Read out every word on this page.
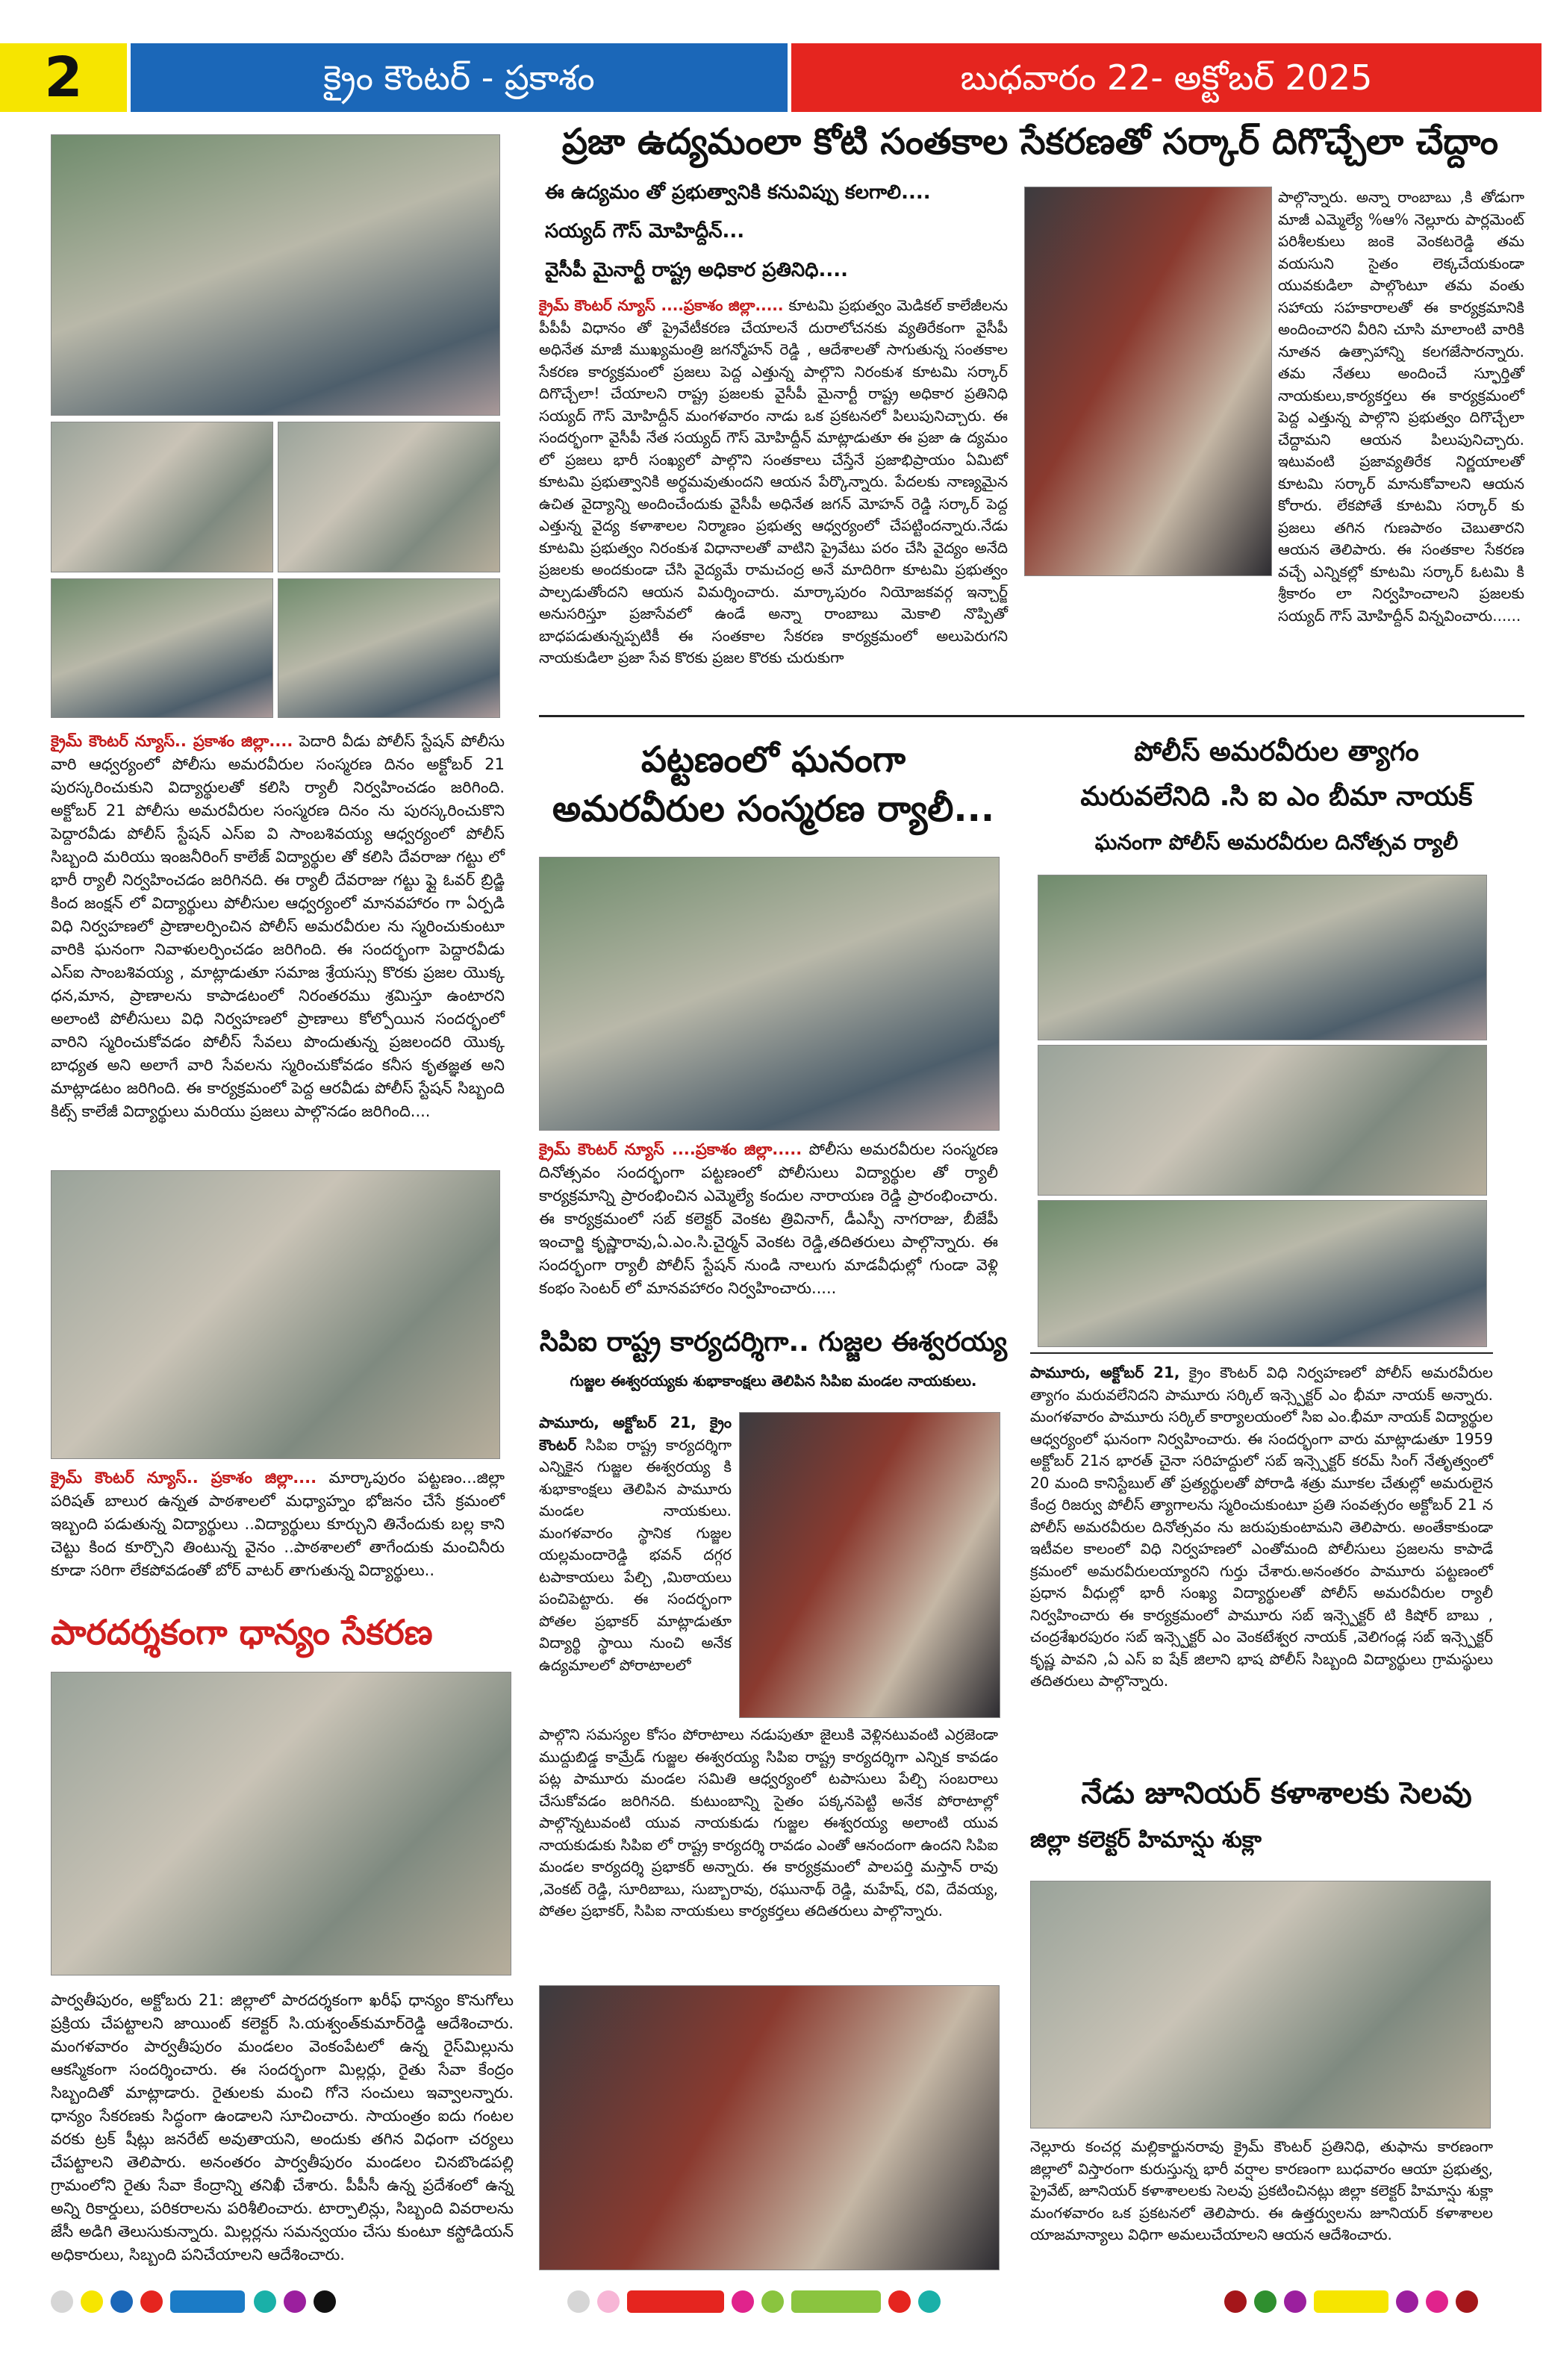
2	క్రైం కౌంటర్ - ప్రకాశం	బుధవారం 22- అక్టోబర్ 2025
క్రైమ్ కౌంటర్ న్యూస్.. ప్రకాశం జిల్లా.... పెదారి వీడు పోలీస్ స్టేషన్ పోలీసు వారి ఆధ్వర్యంలో పోలీసు అమరవీరుల సంస్మరణ దినం అక్టోబర్ 21 పురస్కరించుకుని విద్యార్థులతో కలిసి ర్యాలీ నిర్వహించడం జరిగింది. అక్టోబర్ 21 పోలీసు అమరవీరుల సంస్మరణ దినం ను పురస్కరించుకొని పెద్దారవీడు పోలీస్ స్టేషన్ ఎస్ఐ వి సాంబశివయ్య ఆధ్వర్యంలో పోలీస్ సిబ్బంది మరియు ఇంజనీరింగ్ కాలేజ్ విద్యార్థుల తో కలిసి దేవరాజు గట్టు లో భారీ ర్యాలీ నిర్వహించడం జరిగినది. ఈ ర్యాలీ దేవరాజు గట్టు ఫ్లై ఓవర్ బ్రిడ్జి కింద జంక్షన్ లో విద్యార్థులు పోలీసుల ఆధ్వర్యంలో మానవహారం గా ఏర్పడి విధి నిర్వహణలో ప్రాణాలర్పించిన పోలీస్ అమరవీరుల ను స్మరించుకుంటూ వారికి ఘనంగా నివాళులర్పించడం జరిగింది. ఈ సందర్భంగా పెద్దారవీడు ఎస్ఐ సాంబశివయ్య , మాట్లాడుతూ సమాజ శ్రేయస్సు కొరకు ప్రజల యొక్క ధన,మాన, ప్రాణాలను కాపాడటంలో నిరంతరము శ్రమిస్తూ ఉంటారని అలాంటి పోలీసులు విధి నిర్వహణలో ప్రాణాలు కోల్పోయిన సందర్భంలో వారిని స్మరించుకోవడం పోలీస్ సేవలు పొందుతున్న ప్రజలందరి యొక్క బాధ్యత అని అలాగే వారి సేవలను స్మరించుకోవడం కనీస కృతజ్ఞత అని మాట్లాడటం జరిగింది. ఈ కార్యక్రమంలో పెద్ద ఆరవీడు పోలీస్ స్టేషన్ సిబ్బంది కిట్స్ కాలేజీ విద్యార్థులు మరియు ప్రజలు పాల్గొనడం జరిగింది....
క్రైమ్ కౌంటర్ న్యూస్.. ప్రకాశం జిల్లా.... మార్కాపురం పట్టణం...జిల్లా పరిషత్ బాలుర ఉన్నత పాఠశాలలో మధ్యాహ్నం భోజనం చేసే క్రమంలో ఇబ్బంది పడుతున్న విద్యార్థులు ..విద్యార్థులు కూర్చుని తినేందుకు బల్ల కాని చెట్టు కింద కూర్చొని తింటున్న వైనం ..పాఠశాలలో తాగేందుకు మంచినీరు కూడా సరిగా లేకపోవడంతో బోర్ వాటర్ తాగుతున్న విద్యార్థులు..
పారదర్శకంగా ధాన్యం సేకరణ
పార్వతీపురం, అక్టోబరు 21: జిల్లాలో పారదర్శకంగా ఖరీఫ్ ధాన్యం కొనుగోలు ప్రక్రియ చేపట్టాలని జాయింట్ కలెక్టర్ సి.యశ్వంత్‌కుమార్‌రెడ్డి ఆదేశించారు. మంగళవారం పార్వతీపురం మండలం వెంకంపేటలో ఉన్న రైస్‌మిల్లును ఆకస్మికంగా సందర్శించారు. ఈ సందర్భంగా మిల్లర్లు, రైతు సేవా కేంద్రం సిబ్బందితో మాట్లాడారు. రైతులకు మంచి గోనె సంచులు ఇవ్వాలన్నారు. ధాన్యం సేకరణకు సిద్ధంగా ఉండాలని సూచించారు. సాయంత్రం ఐదు గంటల వరకు ట్రక్ షీట్లు జనరేట్ అవుతాయని, అందుకు తగిన విధంగా చర్యలు చేపట్టాలని తెలిపారు. అనంతరం పార్వతీపురం మండలం చినబొండపల్లి గ్రామంలోని రైతు సేవా కేంద్రాన్ని తనిఖీ చేశారు. పీపీసీ ఉన్న ప్రదేశంలో ఉన్న అన్ని రికార్డులు, పరికరాలను పరిశీలించారు. టార్పాలిన్లు, సిబ్బంది వివరాలను జేసీ అడిగి తెలుసుకున్నారు. మిల్లర్లను సమన్వయం చేసు కుంటూ కస్టోడియన్ అధికారులు, సిబ్బంది పనిచేయాలని ఆదేశించారు.
ప్రజా ఉద్యమంలా కోటి సంతకాల సేకరణతో సర్కార్ దిగొచ్చేలా చేద్దాం
ఈ ఉద్యమం తో ప్రభుత్వానికి కనువిప్పు కలగాలి....
సయ్యద్ గౌస్ మోహిద్దీన్...
వైసీపీ మైనార్టీ రాష్ట్ర అధికార ప్రతినిధి....
క్రైమ్ కౌంటర్ న్యూస్ ....ప్రకాశం జిల్లా..... కూటమి ప్రభుత్వం మెడికల్ కాలేజీలను పీపీపీ విధానం తో ప్రైవేటీకరణ చేయాలనే దురాలోచనకు వ్యతిరేకంగా వైసీపీ అధినేత మాజీ ముఖ్యమంత్రి జగన్మోహన్ రెడ్డి , ఆదేశాలతో సాగుతున్న సంతకాల సేకరణ కార్యక్రమంలో ప్రజలు పెద్ద ఎత్తున్న పాల్గొని నిరంకుశ కూటమి సర్కార్ దిగొచ్చేలా! చేయాలని రాష్ట్ర ప్రజలకు వైసీపీ మైనార్టీ రాష్ట్ర అధికార ప్రతినిధి సయ్యద్ గౌస్ మోహిద్దీన్ మంగళవారం నాడు ఒక ప్రకటనలో పిలుపునిచ్చారు. ఈ సందర్భంగా వైసీపీ నేత సయ్యద్ గౌస్ మోహిద్దీన్ మాట్లాడుతూ ఈ ప్రజా ఉ ద్యమం లో ప్రజలు భారీ సంఖ్యలో పాల్గొని సంతకాలు చేస్తేనే ప్రజాభిప్రాయం ఏమిటో కూటమి ప్రభుత్వానికి అర్థమవుతుందని ఆయన పేర్కొన్నారు. పేదలకు నాణ్యమైన ఉచిత వైద్యాన్ని అందించేందుకు వైసీపీ అధినేత జగన్ మోహన్ రెడ్డి సర్కార్ పెద్ద ఎత్తున్న వైద్య కళాశాలల నిర్మాణం ప్రభుత్వ ఆధ్వర్యంలో చేపట్టిందన్నారు.నేడు కూటమి ప్రభుత్వం నిరంకుశ విధానాలతో వాటిని ప్రైవేటు పరం చేసి వైద్యం అనేది ప్రజలకు అందకుండా చేసి వైద్యమే రామచంద్ర అనే మాదిరిగా కూటమి ప్రభుత్వం పాల్పడుతోందని ఆయన విమర్శించారు. మార్కాపురం నియోజకవర్గ ఇన్చార్జ్ అనుసరిస్తూ ప్రజాసేవలో ఉండే అన్నా రాంబాబు మెకాలి నొప్పితో బాధపడుతున్నప్పటికీ ఈ సంతకాల సేకరణ కార్యక్రమంలో అలుపెరుగని నాయకుడిలా ప్రజా సేవ కొరకు ప్రజల కొరకు చురుకుగా
పాల్గొన్నారు. అన్నా రాంబాబు ,కి తోడుగా మాజీ ఎమ్మెల్యే %ఆ% నెల్లూరు పార్లమెంట్ పరిశీలకులు జంకె వెంకటరెడ్డి తమ వయసుని సైతం లెక్కచేయకుండా యువకుడిలా పాల్గొంటూ తమ వంతు సహాయ సహకారాలతో ఈ కార్యక్రమానికి అందించారని వీరిని చూసి మాలాంటి వారికి నూతన ఉత్సాహాన్ని కలగజేసారన్నారు. తమ నేతలు అందించే స్ఫూర్తితో నాయకులు,కార్యకర్తలు ఈ కార్యక్రమంలో పెద్ద ఎత్తున్న పాల్గొని ప్రభుత్వం దిగొచ్చేలా చేద్దామని ఆయన పిలుపునిచ్చారు. ఇటువంటి ప్రజావ్యతిరేక నిర్ణయాలతో కూటమి సర్కార్ మానుకోవాలని ఆయన కోరారు. లేకపోతే కూటమి సర్కార్ కు ప్రజలు తగిన గుణపాఠం చెబుతారని ఆయన తెలిపారు. ఈ సంతకాల సేకరణ వచ్చే ఎన్నికల్లో కూటమి సర్కార్ ఓటమి కి శ్రీకారం లా నిర్వహించాలని ప్రజలకు సయ్యద్ గౌస్ మోహిద్దీన్ విన్నవించారు......
పట్టణంలో ఘనంగా
అమరవీరుల సంస్మరణ ర్యాలీ...
క్రైమ్ కౌంటర్ న్యూస్ ....ప్రకాశం జిల్లా..... పోలీసు అమరవీరుల సంస్మరణ దినోత్సవం సందర్భంగా పట్టణంలో పోలీసులు విద్యార్థుల తో ర్యాలీ కార్యక్రమాన్ని ప్రారంభించిన ఎమ్మెల్యే కందుల నారాయణ రెడ్డి ప్రారంభించారు. ఈ కార్యక్రమంలో సబ్ కలెక్టర్ వెంకట త్రివినాగ్, డీఎస్పీ నాగరాజు, బీజేపీ ఇంచార్జి కృష్ణారావు,ఏ.ఎం.సి.చైర్మన్ వెంకట రెడ్డి,తదితరులు పాల్గొన్నారు. ఈ సందర్భంగా ర్యాలీ పోలీస్ స్టేషన్ నుండి నాలుగు మాడవీధుల్లో గుండా వెళ్లి కంభం సెంటర్ లో మానవహారం నిర్వహించారు.....
సిపిఐ రాష్ట్ర కార్యదర్శిగా.. గుజ్జల ఈశ్వరయ్య
గుజ్జల ఈశ్వరయ్యకు శుభాకాంక్షలు తెలిపిన సిపిఐ మండల నాయకులు.
పామూరు, అక్టోబర్ 21, క్రైం కౌంటర్ సిపిఐ రాష్ట్ర కార్యదర్శిగా ఎన్నికైన గుజ్జల ఈశ్వరయ్య కి శుభాకాంక్షలు తెలిపిన పామూరు మండల నాయకులు. మంగళవారం స్థానిక గుజ్జల యల్లమందారెడ్డి భవన్ దగ్గర టపాకాయలు పేల్చి ,మిఠాయలు పంచిపెట్టారు. ఈ సందర్భంగా పోతల ప్రభాకర్ మాట్లాడుతూ విద్యార్థి స్థాయి నుంచి అనేక ఉద్యమాలలో పోరాటాలలో
పాల్గొని సమస్యల కోసం పోరాటాలు నడుపుతూ జైలుకి వెళ్లినటువంటి ఎర్రజెండా ముద్దుబిడ్డ కామ్రేడ్ గుజ్జల ఈశ్వరయ్య సిపిఐ రాష్ట్ర కార్యదర్శిగా ఎన్నిక కావడం పట్ల పామూరు మండల సమితి ఆధ్వర్యంలో టపాసులు పేల్చి సంబరాలు చేసుకోవడం జరిగినది. కుటుంబాన్ని సైతం పక్కనపెట్టి అనేక పోరాటాల్లో పాల్గొన్నటువంటి యువ నాయకుడు గుజ్జల ఈశ్వరయ్య అలాంటి యువ నాయకుడుకు సిపిఐ లో రాష్ట్ర కార్యదర్శి రావడం ఎంతో ఆనందంగా ఉందని సిపిఐ మండల కార్యదర్శి ప్రభాకర్ అన్నారు. ఈ కార్యక్రమంలో పాలపర్తి మస్తాన్ రావు ,వెంకట్ రెడ్డి, సూరిబాబు, సుబ్బారావు, రఘునాథ్ రెడ్డి, మహేష్, రవి, దేవయ్య, పోతల ప్రభాకర్, సిపిఐ నాయకులు కార్యకర్తలు తదితరులు పాల్గొన్నారు.
పోలీస్ అమరవీరుల త్యాగం
మరువలేనిది .సి ఐ ఎం బీమా నాయక్
ఘనంగా పోలీస్ అమరవీరుల దినోత్సవ ర్యాలీ
పామూరు, అక్టోబర్ 21, క్రైం కౌంటర్ విధి నిర్వహణలో పోలీస్ అమరవీరుల త్యాగం మరువలేనిదని పామూరు సర్కిల్ ఇన్స్పెక్టర్ ఎం భీమా నాయక్ అన్నారు. మంగళవారం పామూరు సర్కిల్ కార్యాలయంలో సిఐ ఎం.భీమా నాయక్ విద్యార్థుల ఆధ్వర్యంలో ఘనంగా నిర్వహించారు. ఈ సందర్భంగా వారు మాట్లాడుతూ 1959 అక్టోబర్ 21న భారత్ చైనా సరిహద్దులో సబ్ ఇన్స్పెక్టర్ కరమ్ సింగ్ నేతృత్వంలో 20 మంది కానిస్టేబుల్ తో ప్రత్యర్థులతో పోరాడి శత్రు మూకల చేతుల్లో అమరులైన కేంద్ర రిజర్వు పోలీస్ త్యాగాలను స్మరించుకుంటూ ప్రతి సంవత్సరం అక్టోబర్ 21 న పోలీస్ అమరవీరుల దినోత్సవం ను జరుపుకుంటామని తెలిపారు. అంతేకాకుండా ఇటీవల కాలంలో విధి నిర్వహణలో ఎంతోమంది పోలీసులు ప్రజలను కాపాడే క్రమంలో అమరవీరులయ్యారని గుర్తు చేశారు.అనంతరం పామూరు పట్టణంలో ప్రధాన వీధుల్లో భారీ సంఖ్య విద్యార్థులతో పోలీస్ అమరవీరుల ర్యాలీ నిర్వహించారు ఈ కార్యక్రమంలో పామూరు సబ్ ఇన్స్పెక్టర్ టి కిషోర్ బాబు , చంద్రశేఖరపురం సబ్ ఇన్స్పెక్టర్ ఎం వెంకటేశ్వర నాయక్ ,వెలిగండ్ల సబ్ ఇన్స్పెక్టర్ కృష్ణ పావని ,ఏ ఎస్ ఐ షేక్ జిలాని భాష పోలీస్ సిబ్బంది విద్యార్థులు గ్రామస్థులు తదితరులు పాల్గొన్నారు.
నేడు జూనియర్ కళాశాలకు సెలవు
జిల్లా కలెక్టర్ హిమాన్షు శుక్లా
నెల్లూరు కంచర్ల మల్లికార్జునరావు క్రైమ్ కౌంటర్ ప్రతినిధి, తుఫాను కారణంగా జిల్లాలో విస్తారంగా కురుస్తున్న భారీ వర్షాల కారణంగా బుధవారం ఆయా ప్రభుత్వ, ప్రైవేట్, జూనియర్ కళాశాలలకు సెలవు ప్రకటించినట్లు జిల్లా కలెక్టర్ హిమాన్షు శుక్లా మంగళవారం ఒక ప్రకటనలో తెలిపారు. ఈ ఉత్తర్వులను జూనియర్ కళాశాలల యాజమాన్యాలు విధిగా అమలుచేయాలని ఆయన ఆదేశించారు.
